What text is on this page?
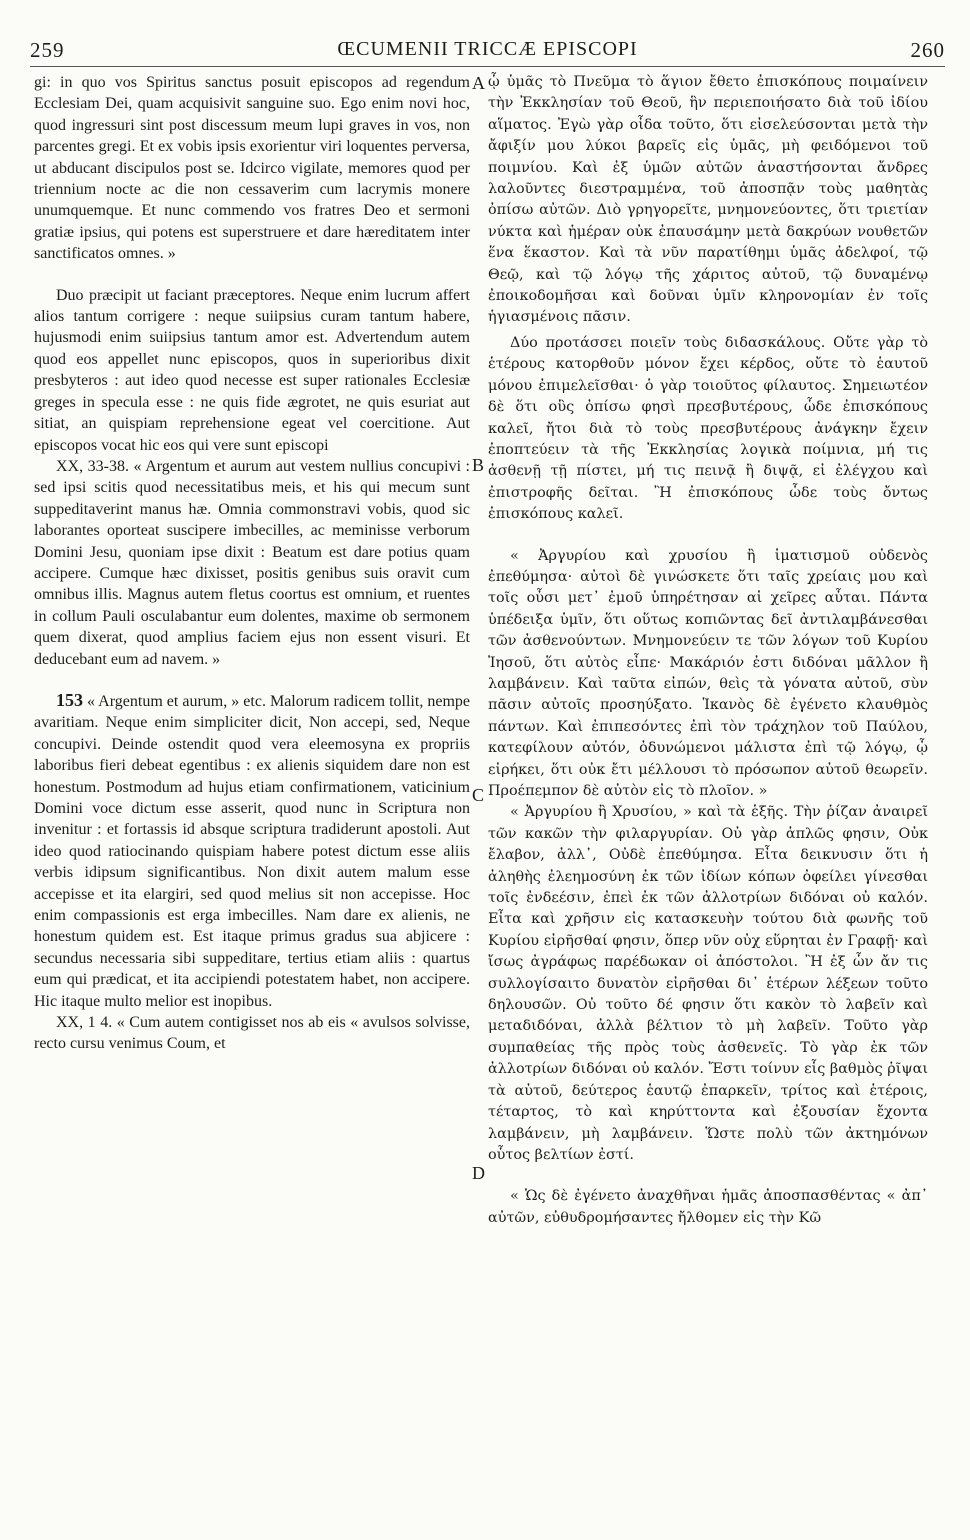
259	ŒCUMENII TRICCÆ EPISCOPI	260
A
B
C
D

gi: in quo vos Spiritus sanctus posuit episcopos ad regendum Ecclesiam Dei, quam acquisivit sanguine suo. Ego enim novi hoc, quod ingressuri sint post discessum meum lupi graves in vos, non parcentes gregi. Et ex vobis ipsis exorientur viri loquentes perversa, ut abducant discipulos post se. Idcirco vigilate, memores quod per triennium nocte ac die non cessaverim cum lacrymis monere unumquemque. Et nunc commendo vos fratres Deo et sermoni gratiæ ipsius, qui potens est superstruere et dare hæreditatem inter sanctificatos omnes. »

Duo præcipit ut faciant præceptores. Neque enim lucrum affert alios tantum corrigere : neque suiipsius curam tantum habere, hujusmodi enim suiipsius tantum amor est. Advertendum autem quod eos appellet nunc episcopos, quos in superioribus dixit presbyteros : aut ideo quod necesse est super rationales Ecclesiæ greges in specula esse : ne quis fide ægrotet, ne quis esuriat aut sitiat, an quispiam reprehensione egeat vel coercitione. Aut episcopos vocat hic eos qui vere sunt episcopi

XX, 33-38. « Argentum et aurum aut vestem nullius concupivi : sed ipsi scitis quod necessitatibus meis, et his qui mecum sunt suppeditaverint manus hæ. Omnia commonstravi vobis, quod sic laborantes oporteat suscipere imbecilles, ac meminisse verborum Domini Jesu, quoniam ipse dixit : Beatum est dare potius quam accipere. Cumque hæc dixisset, positis genibus suis oravit cum omnibus illis. Magnus autem fletus coortus est omnium, et ruentes in collum Pauli osculabantur eum dolentes, maxime ob sermonem quem dixerat, quod amplius faciem ejus non essent visuri. Et deducebant eum ad navem. »

153 « Argentum et aurum, » etc. Malorum radicem tollit, nempe avaritiam. Neque enim simpliciter dicit, Non accepi, sed, Neque concupivi. Deinde ostendit quod vera eleemosyna ex propriis laboribus fieri debeat egentibus : ex alienis siquidem dare non est honestum. Postmodum ad hujus etiam confirmationem, vaticinium Domini voce dictum esse asserit, quod nunc in Scriptura non invenitur : et fortassis id absque scriptura tradiderunt apostoli. Aut ideo quod ratiocinando quispiam habere potest dictum esse aliis verbis idipsum significantibus. Non dixit autem malum esse accepisse et ita elargiri, sed quod melius sit non accepisse. Hoc enim compassionis est erga imbecilles. Nam dare ex alienis, ne honestum quidem est. Est itaque primus gradus sua abjicere : secundus necessaria sibi suppeditare, tertius etiam aliis : quartus eum qui prædicat, et ita accipiendi potestatem habet, non accipere. Hic itaque multo melior est inopibus.

XX, 1 4. « Cum autem contigisset nos ab eis « avulsos solvisse, recto cursu venimus Coum, et

ᾧ ὑμᾶς τὸ Πνεῦμα τὸ ἅγιον ἔθετο ἐπισκόπους ποιμαίνειν τὴν Ἐκκλησίαν τοῦ Θεοῦ, ἣν περιεποιήσατο διὰ τοῦ ἰδίου αἵματος. Ἐγὼ γὰρ οἶδα τοῦτο, ὅτι εἰσελεύσονται μετὰ τὴν ἄφιξίν μου λύκοι βαρεῖς εἰς ὑμᾶς, μὴ φειδόμενοι τοῦ ποιμνίου. Καὶ ἐξ ὑμῶν αὐτῶν ἀναστήσονται ἄνδρες λαλοῦντες διεστραμμένα, τοῦ ἀποσπᾷν τοὺς μαθητὰς ὀπίσω αὐτῶν. Διὸ γρηγορεῖτε, μνημονεύοντες, ὅτι τριετίαν νύκτα καὶ ἡμέραν οὐκ ἐπαυσάμην μετὰ δακρύων νουθετῶν ἕνα ἕκαστον. Καὶ τὰ νῦν παρατίθημι ὑμᾶς ἀδελφοί, τῷ Θεῷ, καὶ τῷ λόγῳ τῆς χάριτος αὐτοῦ, τῷ δυναμένῳ ἐποικοδομῆσαι καὶ δοῦναι ὑμῖν κληρονομίαν ἐν τοῖς ἡγιασμένοις πᾶσιν.

Δύο προτάσσει ποιεῖν τοὺς διδασκάλους. Οὔτε γὰρ τὸ ἑτέρους κατορθοῦν μόνον ἔχει κέρδος, οὔτε τὸ ἑαυτοῦ μόνου ἐπιμελεῖσθαι· ὁ γὰρ τοιοῦτος φίλαυτος. Σημειωτέον δὲ ὅτι οὓς ὀπίσω φησὶ πρεσβυτέρους, ὧδε ἐπισκόπους καλεῖ, ἤτοι διὰ τὸ τοὺς πρεσβυτέρους ἀνάγκην ἔχειν ἐποπτεύειν τὰ τῆς Ἐκκλησίας λογικὰ ποίμνια, μή τις ἀσθενῇ τῇ πίστει, μή τις πεινᾷ ἢ διψᾷ, εἰ ἐλέγχου καὶ ἐπιστροφῆς δεῖται. Ἢ ἐπισκόπους ὧδε τοὺς ὄντως ἐπισκόπους καλεῖ.

« Ἀργυρίου καὶ χρυσίου ἢ ἱματισμοῦ οὐδενὸς ἐπεθύμησα· αὐτοὶ δὲ γινώσκετε ὅτι ταῖς χρείαις μου καὶ τοῖς οὖσι μετ᾽ ἐμοῦ ὑπηρέτησαν αἱ χεῖρες αὗται. Πάντα ὑπέδειξα ὑμῖν, ὅτι οὕτως κοπιῶντας δεῖ ἀντιλαμβάνεσθαι τῶν ἀσθενούντων. Μνημονεύειν τε τῶν λόγων τοῦ Κυρίου Ἰησοῦ, ὅτι αὐτὸς εἶπε· Μακάριόν ἐστι διδόναι μᾶλλον ἢ λαμβάνειν. Καὶ ταῦτα εἰπών, θεὶς τὰ γόνατα αὐτοῦ, σὺν πᾶσιν αὐτοῖς προσηύξατο. Ἱκανὸς δὲ ἐγένετο κλαυθμὸς πάντων. Καὶ ἐπιπεσόντες ἐπὶ τὸν τράχηλον τοῦ Παύλου, κατεφίλουν αὐτόν, ὀδυνώμενοι μάλιστα ἐπὶ τῷ λόγῳ, ᾧ εἰρήκει, ὅτι οὐκ ἔτι μέλλουσι τὸ πρόσωπον αὐτοῦ θεωρεῖν. Προέπεμπον δὲ αὐτὸν εἰς τὸ πλοῖον. »

« Ἀργυρίου ἢ Χρυσίου, » καὶ τὰ ἑξῆς. Τὴν ῥίζαν ἀναιρεῖ τῶν κακῶν τὴν φιλαργυρίαν. Οὐ γὰρ ἁπλῶς φησιν, Οὐκ ἔλαβον, ἀλλ᾽, Οὐδὲ ἐπεθύμησα. Εἶτα δεικνυσιν ὅτι ἡ ἀληθὴς ἐλεημοσύνη ἐκ τῶν ἰδίων κόπων ὀφείλει γίνεσθαι τοῖς ἐνδεέσιν, ἐπεὶ ἐκ τῶν ἀλλοτρίων διδόναι οὐ καλόν. Εἶτα καὶ χρῆσιν εἰς κατασκευὴν τούτου διὰ φωνῆς τοῦ Κυρίου εἰρῆσθαί φησιν, ὅπερ νῦν οὐχ εὕρηται ἐν Γραφῇ· καὶ ἴσως ἀγράφως παρέδωκαν οἱ ἀπόστολοι. Ἢ ἐξ ὧν ἄν τις συλλογίσαιτο δυνατὸν εἰρῆσθαι δι᾽ ἑτέρων λέξεων τοῦτο δηλουσῶν. Οὐ τοῦτο δέ φησιν ὅτι κακὸν τὸ λαβεῖν καὶ μεταδιδόναι, ἀλλὰ βέλτιον τὸ μὴ λαβεῖν. Τοῦτο γὰρ συμπαθείας τῆς πρὸς τοὺς ἀσθενεῖς. Τὸ γὰρ ἐκ τῶν ἀλλοτρίων διδόναι οὐ καλόν. Ἔστι τοίνυν εἷς βαθμὸς ῥῖψαι τὰ αὐτοῦ, δεύτερος ἑαυτῷ ἐπαρκεῖν, τρίτος καὶ ἑτέροις, τέταρτος, τὸ καὶ κηρύττοντα καὶ ἐξουσίαν ἔχοντα λαμβάνειν, μὴ λαμβάνειν. Ὥστε πολὺ τῶν ἀκτημόνων οὗτος βελτίων ἐστί.

« Ὡς δὲ ἐγένετο ἀναχθῆναι ἡμᾶς ἀποσπασθέντας « ἀπ᾽ αὐτῶν, εὐθυδρομήσαντες ἤλθομεν εἰς τὴν Κῶ
